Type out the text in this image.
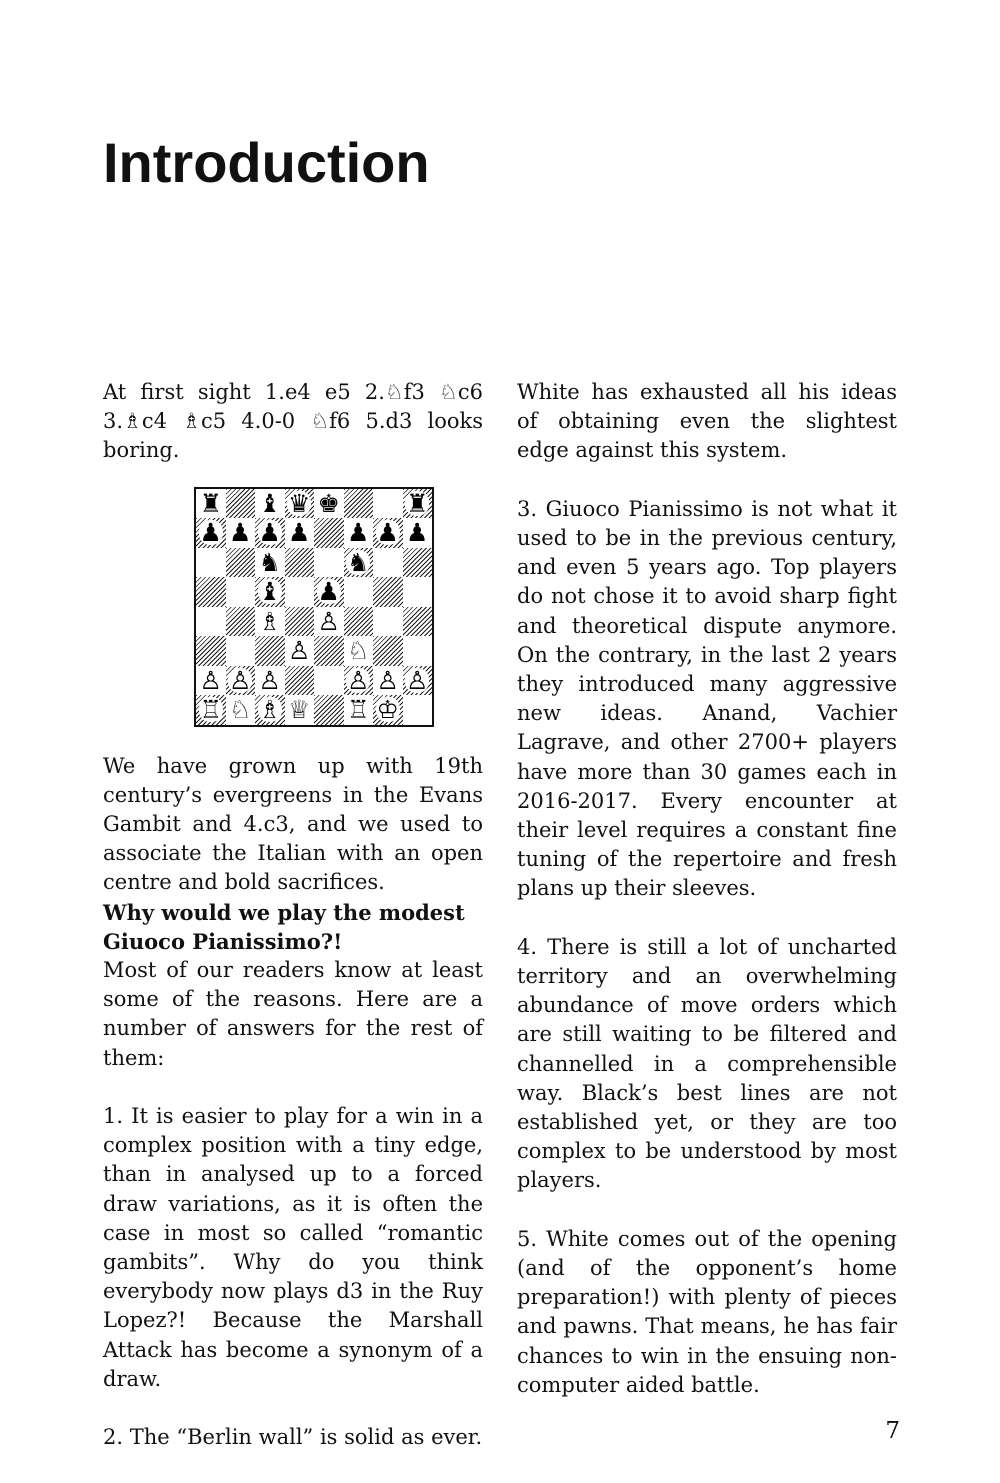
Introduction

At first sight 1.e4 e5 2.♘f3 ♘c6 3.♗c4 ♗c5 4.0-0 ♘f6 5.d3 looks boring.

♜ ♝ ♛ ♚	♜
♟ ♟ ♟ ♟ ♟ ♟ ♟
♞	♞
♝ ♟
♗ ♙
♙ ♘
♙ ♙ ♙	♙ ♙ ♙
♖ ♘ ♗ ♕ ♖ ♔

We have grown up with 19th century’s evergreens in the Evans Gambit and 4.c3, and we used to associate the Italian with an open centre and bold sacrifices.

Why would we play the modest Giuoco Pianissimo?!

Most of our readers know at least some of the reasons. Here are a number of answers for the rest of them:

1. It is easier to play for a win in a complex position with a tiny edge, than in analysed up to a forced draw variations, as it is often the case in most so called “romantic gambits”. Why do you think everybody now plays d3 in the Ruy Lopez?! Because the Marshall Attack has become a synonym of a draw.

2. The “Berlin wall” is solid as ever.

White has exhausted all his ideas of obtaining even the slightest edge against this system.

3. Giuoco Pianissimo is not what it used to be in the previous century, and even 5 years ago. Top players do not chose it to avoid sharp fight and theoretical dispute anymore. On the contrary, in the last 2 years they introduced many aggressive new ideas. Anand, Vachier Lagrave, and other 2700+ players have more than 30 games each in 2016-2017. Every encounter at their level requires a constant fine tuning of the repertoire and fresh plans up their sleeves.

4. There is still a lot of uncharted territory and an overwhelming abundance of move orders which are still waiting to be filtered and channelled in a comprehensible way. Black’s best lines are not established yet, or they are too complex to be understood by most players.

5. White comes out of the opening (and of the opponent’s home preparation!) with plenty of pieces and pawns. That means, he has fair chances to win in the ensuing non-computer aided battle.

7
